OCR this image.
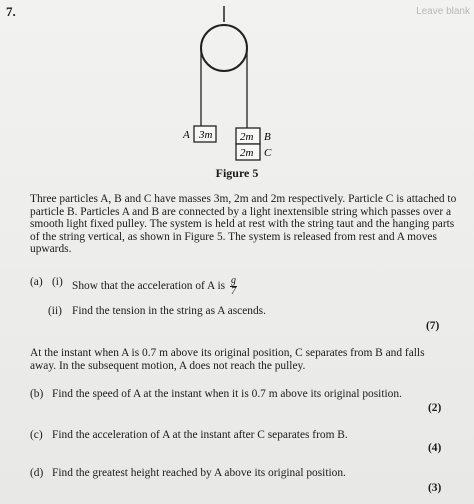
7.	Leave blank
3m	2m
2m
A	B
C
Figure 5
Three particles A, B and C have masses 3m, 2m and 2m respectively. Particle C is attached to particle B. Particles A and B are connected by a light inextensible string which passes over a smooth light fixed pulley. The system is held at rest with the string taut and the hanging parts of the string vertical, as shown in Figure 5. The system is released from rest and A moves upwards.
(a) (i) Show that the acceleration of A is $\frac{g}{7}$
(ii) Find the tension in the string as A ascends.
(7)
At the instant when A is 0.7 m above its original position, C separates from B and falls away. In the subsequent motion, A does not reach the pulley.
(b) Find the speed of A at the instant when it is 0.7 m above its original position.
(2)
(c) Find the acceleration of A at the instant after C separates from B.
(4)
(d) Find the greatest height reached by A above its original position.
(3)
